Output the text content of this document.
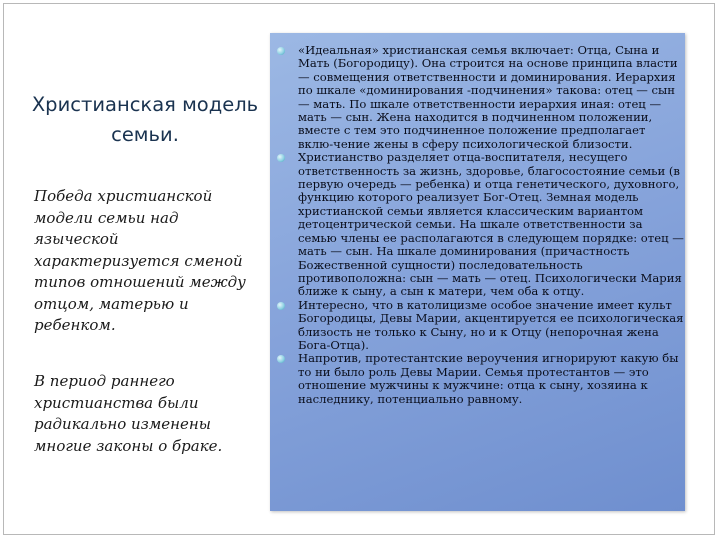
Христианская модель семьи.
Победа христианской модели семьи над языческой характеризуется сменой типов отношений между отцом, матерью и ребенком.
В период раннего христианства были радикально изменены многие законы о браке.
«Идеальная» христианская семья включает: Отца, Сына и Мать (Богородицу). Она строится на основе принципа власти — совмещения ответственности и доминирования. Иерархия по шкале «доминирования -подчинения» такова: отец — сын — мать. По шкале ответственности иерархия иная: отец — мать — сын. Жена находится в подчиненном положении, вместе с тем это подчиненное положение предполагает вклю-чение жены в сферу психологической близости.
Христианство разделяет отца-воспитателя, несущего ответственность за жизнь, здоровье, благосостояние семьи (в первую очередь — ребенка) и отца генетического, духовного, функцию которого реализует Бог-Отец. Земная модель христианской семьи является классическим вариантом детоцентрической семьи. На шкале ответственности за семью члены ее располагаются в следующем порядке: отец — мать — сын. На шкале доминирования (причастность Божественной сущности) последовательность противоположна: сын — мать — отец. Психологически Мария ближе к сыну, а сын к матери, чем оба к отцу.
Интересно, что в католицизме особое значение имеет культ Богородицы, Девы Марии, акцентируется ее психологическая близость не только к Сыну, но и к Отцу (непорочная жена Бога-Отца).
Напротив, протестантские вероучения игнорируют какую бы то ни было роль Девы Марии. Семья протестантов — это отношение мужчины к мужчине: отца к сыну, хозяина к наследнику, потенциально равному.
